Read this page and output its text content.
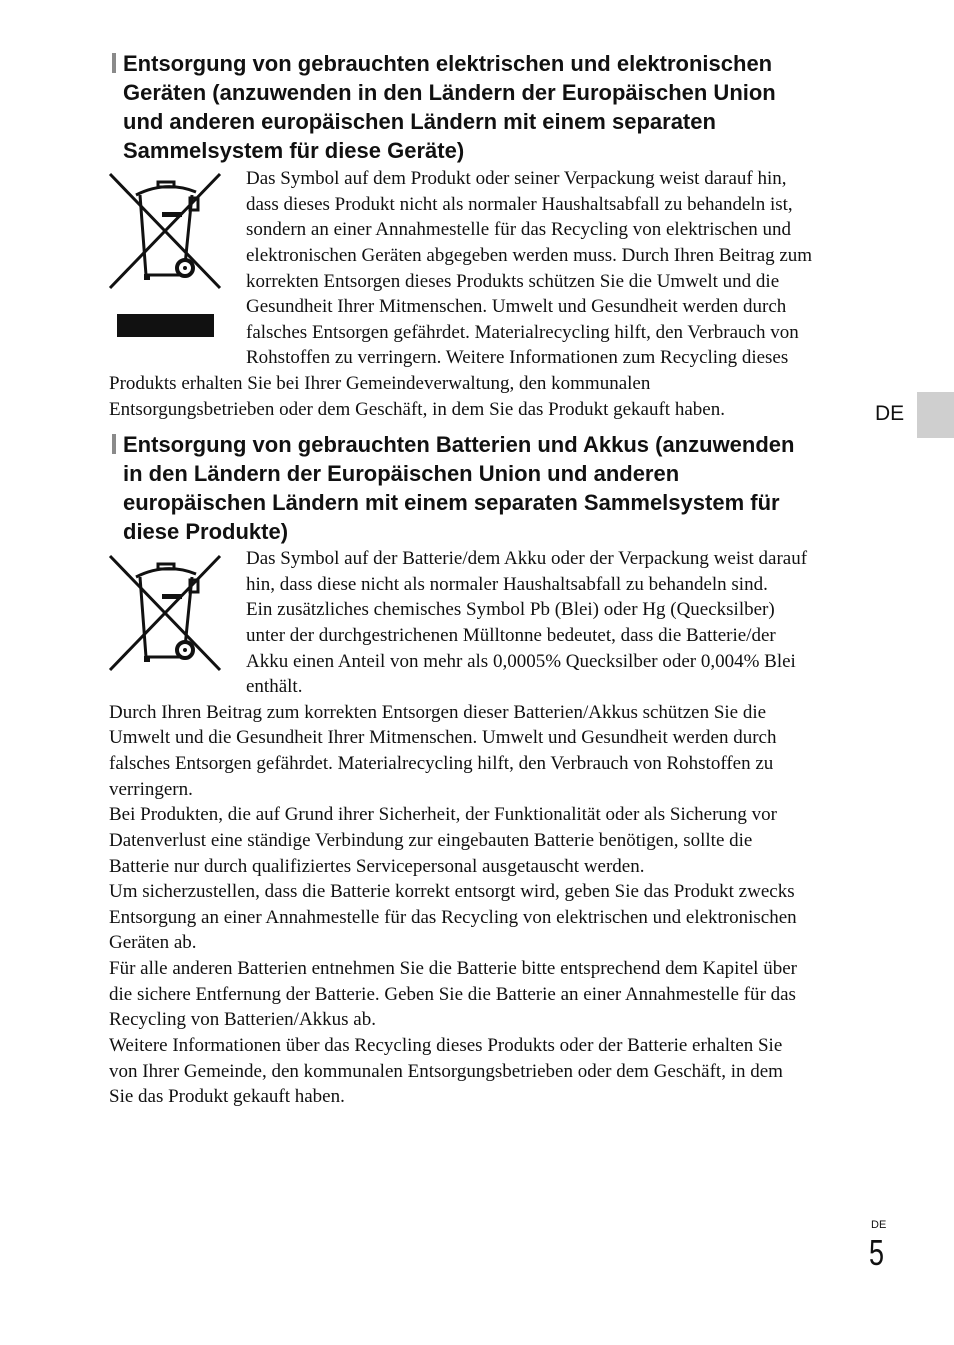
Entsorgung von gebrauchten elektrischen und elektronischen
Geräten (anzuwenden in den Ländern der Europäischen Union
und anderen europäischen Ländern mit einem separaten
Sammelsystem für diese Geräte)
Das Symbol auf dem Produkt oder seiner Verpackung weist darauf hin,
dass dieses Produkt nicht als normaler Haushaltsabfall zu behandeln ist,
sondern an einer Annahmestelle für das Recycling von elektrischen und
elektronischen Geräten abgegeben werden muss. Durch Ihren Beitrag zum
korrekten Entsorgen dieses Produkts schützen Sie die Umwelt und die
Gesundheit Ihrer Mitmenschen. Umwelt und Gesundheit werden durch
falsches Entsorgen gefährdet. Materialrecycling hilft, den Verbrauch von
Rohstoffen zu verringern. Weitere Informationen zum Recycling dieses
Produkts erhalten Sie bei Ihrer Gemeindeverwaltung, den kommunalen
Entsorgungsbetrieben oder dem Geschäft, in dem Sie das Produkt gekauft haben.
Entsorgung von gebrauchten Batterien und Akkus (anzuwenden
in den Ländern der Europäischen Union und anderen
europäischen Ländern mit einem separaten Sammelsystem für
diese Produkte)
Das Symbol auf der Batterie/dem Akku oder der Verpackung weist darauf
hin, dass diese nicht als normaler Haushaltsabfall zu behandeln sind.
Ein zusätzliches chemisches Symbol Pb (Blei) oder Hg (Quecksilber)
unter der durchgestrichenen Mülltonne bedeutet, dass die Batterie/der
Akku einen Anteil von mehr als 0,0005% Quecksilber oder 0,004% Blei
enthält.
Durch Ihren Beitrag zum korrekten Entsorgen dieser Batterien/Akkus schützen Sie die
Umwelt und die Gesundheit Ihrer Mitmenschen. Umwelt und Gesundheit werden durch
falsches Entsorgen gefährdet. Materialrecycling hilft, den Verbrauch von Rohstoffen zu
verringern.
Bei Produkten, die auf Grund ihrer Sicherheit, der Funktionalität oder als Sicherung vor
Datenverlust eine ständige Verbindung zur eingebauten Batterie benötigen, sollte die
Batterie nur durch qualifiziertes Servicepersonal ausgetauscht werden.
Um sicherzustellen, dass die Batterie korrekt entsorgt wird, geben Sie das Produkt zwecks
Entsorgung an einer Annahmestelle für das Recycling von elektrischen und elektronischen
Geräten ab.
Für alle anderen Batterien entnehmen Sie die Batterie bitte entsprechend dem Kapitel über
die sichere Entfernung der Batterie. Geben Sie die Batterie an einer Annahmestelle für das
Recycling von Batterien/Akkus ab.
Weitere Informationen über das Recycling dieses Produkts oder der Batterie erhalten Sie
von Ihrer Gemeinde, den kommunalen Entsorgungsbetrieben oder dem Geschäft, in dem
Sie das Produkt gekauft haben.
DE
DE
5
